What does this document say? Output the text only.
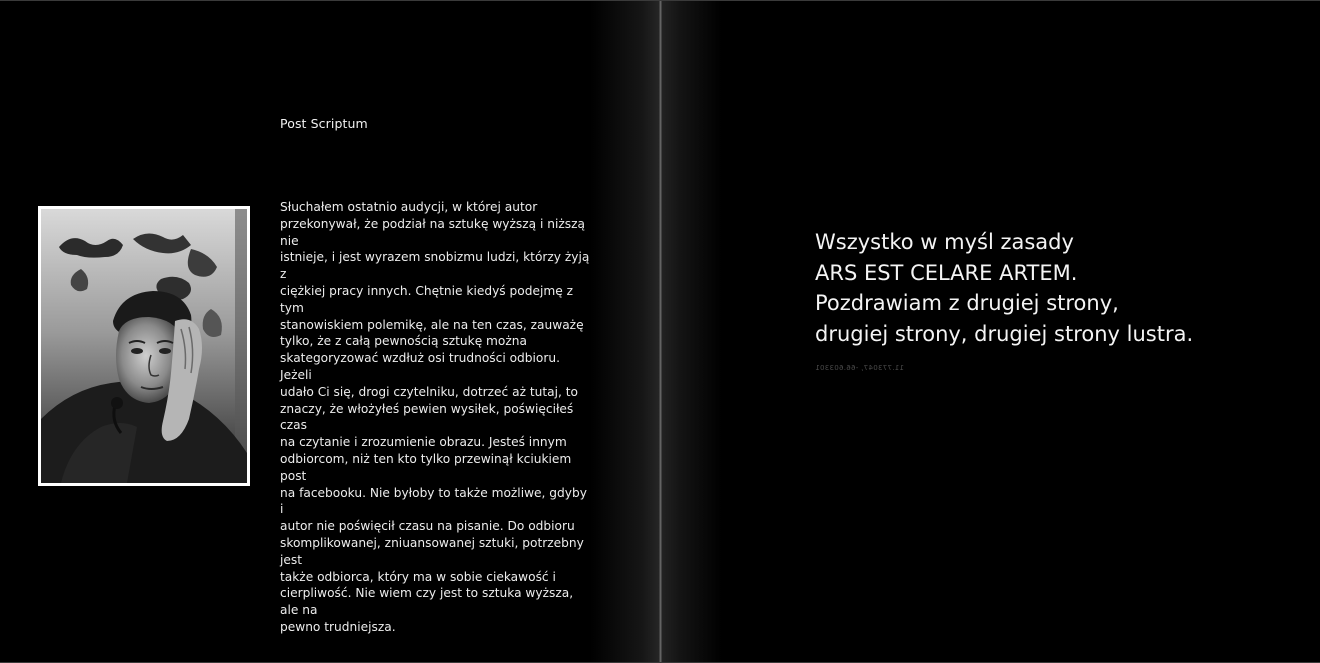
Post Scriptum
Słuchałem ostatnio audycji, w której autor
przekonywał, że podział na sztukę wyższą i niższą nie
istnieje, i jest wyrazem snobizmu ludzi, którzy żyją z
ciężkiej pracy innych. Chętnie kiedyś podejmę z tym
stanowiskiem polemikę, ale na ten czas, zauważę
tylko, że z całą pewnością sztukę można
skategoryzować wzdłuż osi trudności odbioru. Jeżeli
udało Ci się, drogi czytelniku, dotrzeć aż tutaj, to
znaczy, że włożyłeś pewien wysiłek, poświęciłeś czas
na czytanie i zrozumienie obrazu. Jesteś innym
odbiorcom, niż ten kto tylko przewinął kciukiem post
na facebooku. Nie byłoby to także możliwe, gdyby i
autor nie poświęcił czasu na pisanie. Do odbioru
skomplikowanej, zniuansowanej sztuki, potrzebny jest
także odbiorca, który ma w sobie ciekawość i
cierpliwość. Nie wiem czy jest to sztuka wyższa, ale na
pewno trudniejsza.
Wszystko w myśl zasady
ARS EST CELARE ARTEM.
Pozdrawiam z drugiej strony,
drugiej strony, drugiej strony lustra.
11.773047, -66.603301
